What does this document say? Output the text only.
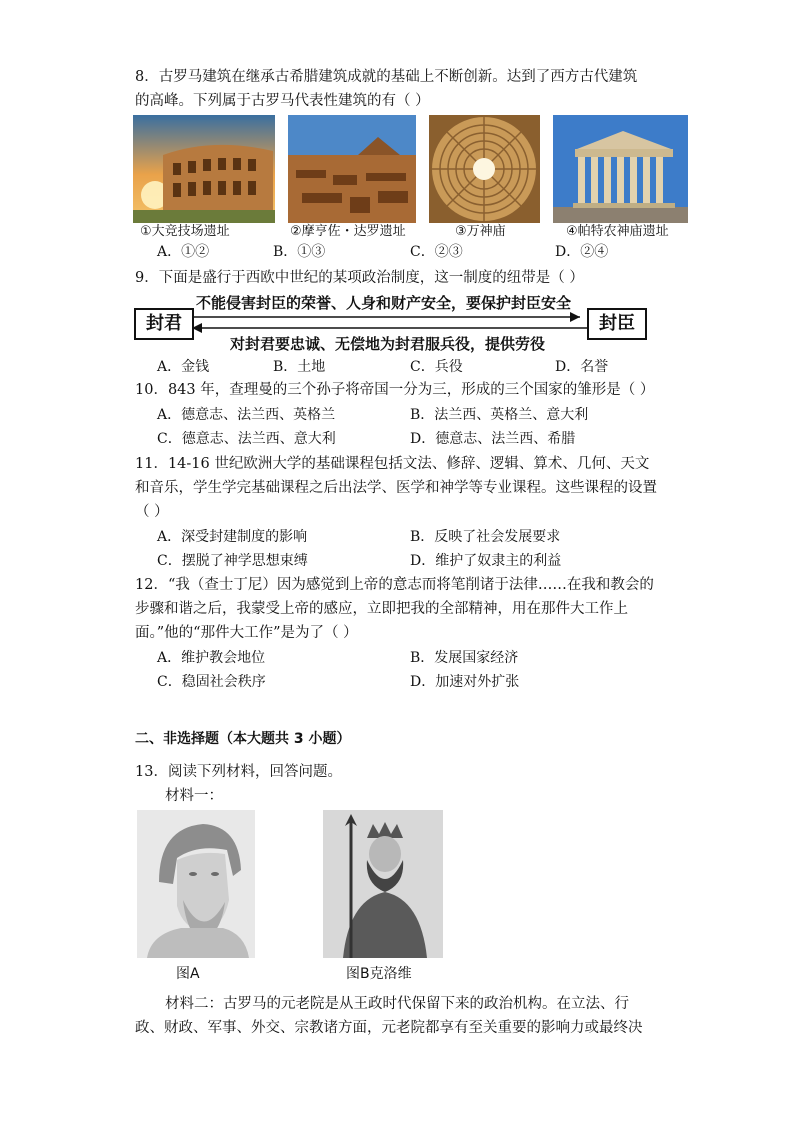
8．古罗马建筑在继承古希腊建筑成就的基础上不断创新。达到了西方古代建筑
的高峰。下列属于古罗马代表性建筑的有（ ）
①大竞技场遗址	②摩亨佐・达罗遗址	③万神庙	④帕特农神庙遗址
A．①②	B．①③	C．②③	D．②④
9．下面是盛行于西欧中世纪的某项政治制度，这一制度的纽带是（ ）
封君	封臣
不能侵害封臣的荣誉、人身和财产安全，要保护封臣安全
对封君要忠诚、无偿地为封君服兵役，提供劳役
A．金钱	B．土地	C．兵役	D．名誉
10．843 年，查理曼的三个孙子将帝国一分为三，形成的三个国家的雏形是（ ）
A．德意志、法兰西、英格兰	B．法兰西、英格兰、意大利
C．德意志、法兰西、意大利	D．德意志、法兰西、希腊
11．14-16 世纪欧洲大学的基础课程包括文法、修辞、逻辑、算术、几何、天文
和音乐，学生学完基础课程之后出法学、医学和神学等专业课程。这些课程的设置
（ ）
A．深受封建制度的影响	B．反映了社会发展要求
C．摆脱了神学思想束缚	D．维护了奴隶主的利益
12．“我（查士丁尼）因为感觉到上帝的意志而将笔削诸于法律……在我和教会的
步骤和谐之后，我蒙受上帝的感应，立即把我的全部精神，用在那件大工作上
面。”他的“那件大工作”是为了（ ）
A．维护教会地位	B．发展国家经济
C．稳固社会秩序	D．加速对外扩张
二、非选择题（本大题共 3 小题）
13．阅读下列材料，回答问题。
材料一：
图A	图B克洛维
材料二：古罗马的元老院是从王政时代保留下来的政治机构。在立法、行
政、财政、军事、外交、宗教诸方面，元老院都享有至关重要的影响力或最终决
